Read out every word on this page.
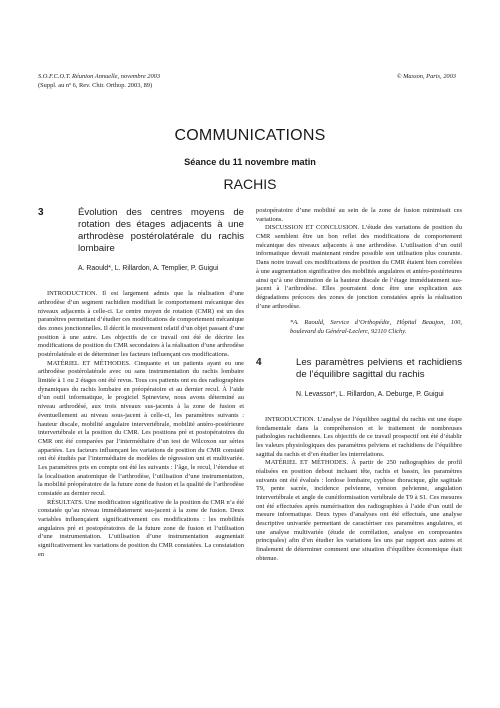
S.O.F.C.O.T. Réunion Annuelle, novembre 2003
(Suppl. au nº 6, Rev. Chir. Orthop. 2003, 89)
© Masson, Paris, 2003
COMMUNICATIONS
Séance du 11 novembre matin
RACHIS
3	Évolution des centres moyens de rotation des étages adjacents à une arthrodèse postérolatérale du rachis lombaire
A. Raould*, L. Rillardon, A. Templier, P. Guigui

INTRODUCTION. Il est largement admis que la réalisation d’une arthrodèse d’un segment rachidien modifiait le comportement mécanique des niveaux adjacents à celle-ci. Le centre moyen de rotation (CMR) est un des paramètres permettant d’étudier ces modifications de comportement mécanique des zones jonctionnelles. Il décrit le mouvement relatif d’un objet passant d’une position à une autre. Les objectifs de ce travail ont été de décrire les modifications de position du CMR secondaires à la réalisation d’une arthrodèse postérolatérale et de déterminer les facteurs influençant ces modifications.

MATÉRIEL ET MÉTHODES. Cinquante et un patients ayant eu une arthrodèse postérolatérale avec ou sans instrumentation du rachis lombaire limitée à 1 ou 2 étages ont été revus. Tous ces patients ont eu des radiographies dynamiques du rachis lombaire en préopératoire et au dernier recul. À l’aide d’un outil informatique, le progiciel Spineview, nous avons déterminé au niveau arthrodésé, aux trois niveaux sus-jacents à la zone de fusion et éventuellement au niveau sous-jacent à celle-ci, les paramètres suivants : hauteur discale, mobilité angulaire intervertébrale, mobilité antéro-postérieure intervertébrale et la position du CMR. Les positions pré et postopératoires du CMR ont été comparées par l’intermédiaire d’un test de Wilcoxon sur séries appariées. Les facteurs influençant les variations de position du CMR constaté ont été étudiés par l’intermédiaire de modèles de régression uni et multivariée. Les paramètres pris en compte ont été les suivants : l’âge, le recul, l’étendue et la localisation anatomique de l’arthrodèse, l’utilisation d’une instrumentation, la mobilité préopératoire de la future zone de fusion et la qualité de l’arthrodèse constatée au dernier recul.

RÉSULTATS. Une modification significative de la position du CMR n’a été constatée qu’au niveau immédiatement sus-jacent à la zone de fusion. Deux variables influençaient significativement ces modifications : les mobilités angulaires pré et postopératoires de la future zone de fusion et l’utilisation d’une instrumentation. L’utilisation d’une instrumentation augmentait significativement les variations de position du CMR constatées. La constatation en

postopératoire d’une mobilité au sein de la zone de fusion minimisait ces variations.

DISCUSSION ET CONCLUSION. L’étude des variations de position du CMR semblent être un bon reflet des modifications de comportement mécanique des niveaux adjacents à une arthrodèse. L’utilisation d’un outil informatique devrait maintenant rendre possible son utilisation plus courante. Dans notre travail ces modifications de position du CMR étaient bien corrélées à une augmentation significative des mobilités angulaires et antéro-postérieures ainsi qu’à une diminution de la hauteur discale de l’étage immédiatement sus-jacent à l’arthrodèse. Elles pourraient donc être une explication aux dégradations précoces des zones de jonction constatées après la réalisation d’une arthrodèse.

*A. Raould, Service d’Orthopédie, Hôpital Beaujon, 100, boulevard du Général-Leclerc, 92110 Clichy.

4	Les paramètres pelviens et rachidiens de l’équilibre sagittal du rachis
N. Levassor*, L. Rillardon, A. Deburge, P. Guigui

INTRODUCTION. L’analyse de l’équilibre sagittal du rachis est une étape fondamentale dans la compréhension et le traitement de nombreuses pathologies rachidiennes. Les objectifs de ce travail prospectif ont été d’établir les valeurs physiologiques des paramètres pelviens et rachidiens de l’équilibre sagittal du rachis et d’en étudier les interrelations.

MATÉRIEL ET MÉTHODES. À partir de 250 radiographies de profil réalisées en position debout incluant tête, rachis et bassin, les paramètres suivants ont été évalués : lordose lombaire, cyphose thoracique, gîte sagittale T9, pente sacrée, incidence pelvienne, version pelvienne, angulation intervertébrale et angle de cunéiformisation vertébrale de T9 à S1. Ces mesures ont été effectuées après numérisation des radiographies à l’aide d’un outil de mesure informatique. Deux types d’analyses ont été effectués, une analyse descriptive univariée permettant de caractériser ces paramètres angulaires, et une analyse multivariée (étude de corrélation, analyse en composantes principales) afin d’en étudier les variations les uns par rapport aux autres et finalement de déterminer comment une situation d’équilibre économique était obtenue.
